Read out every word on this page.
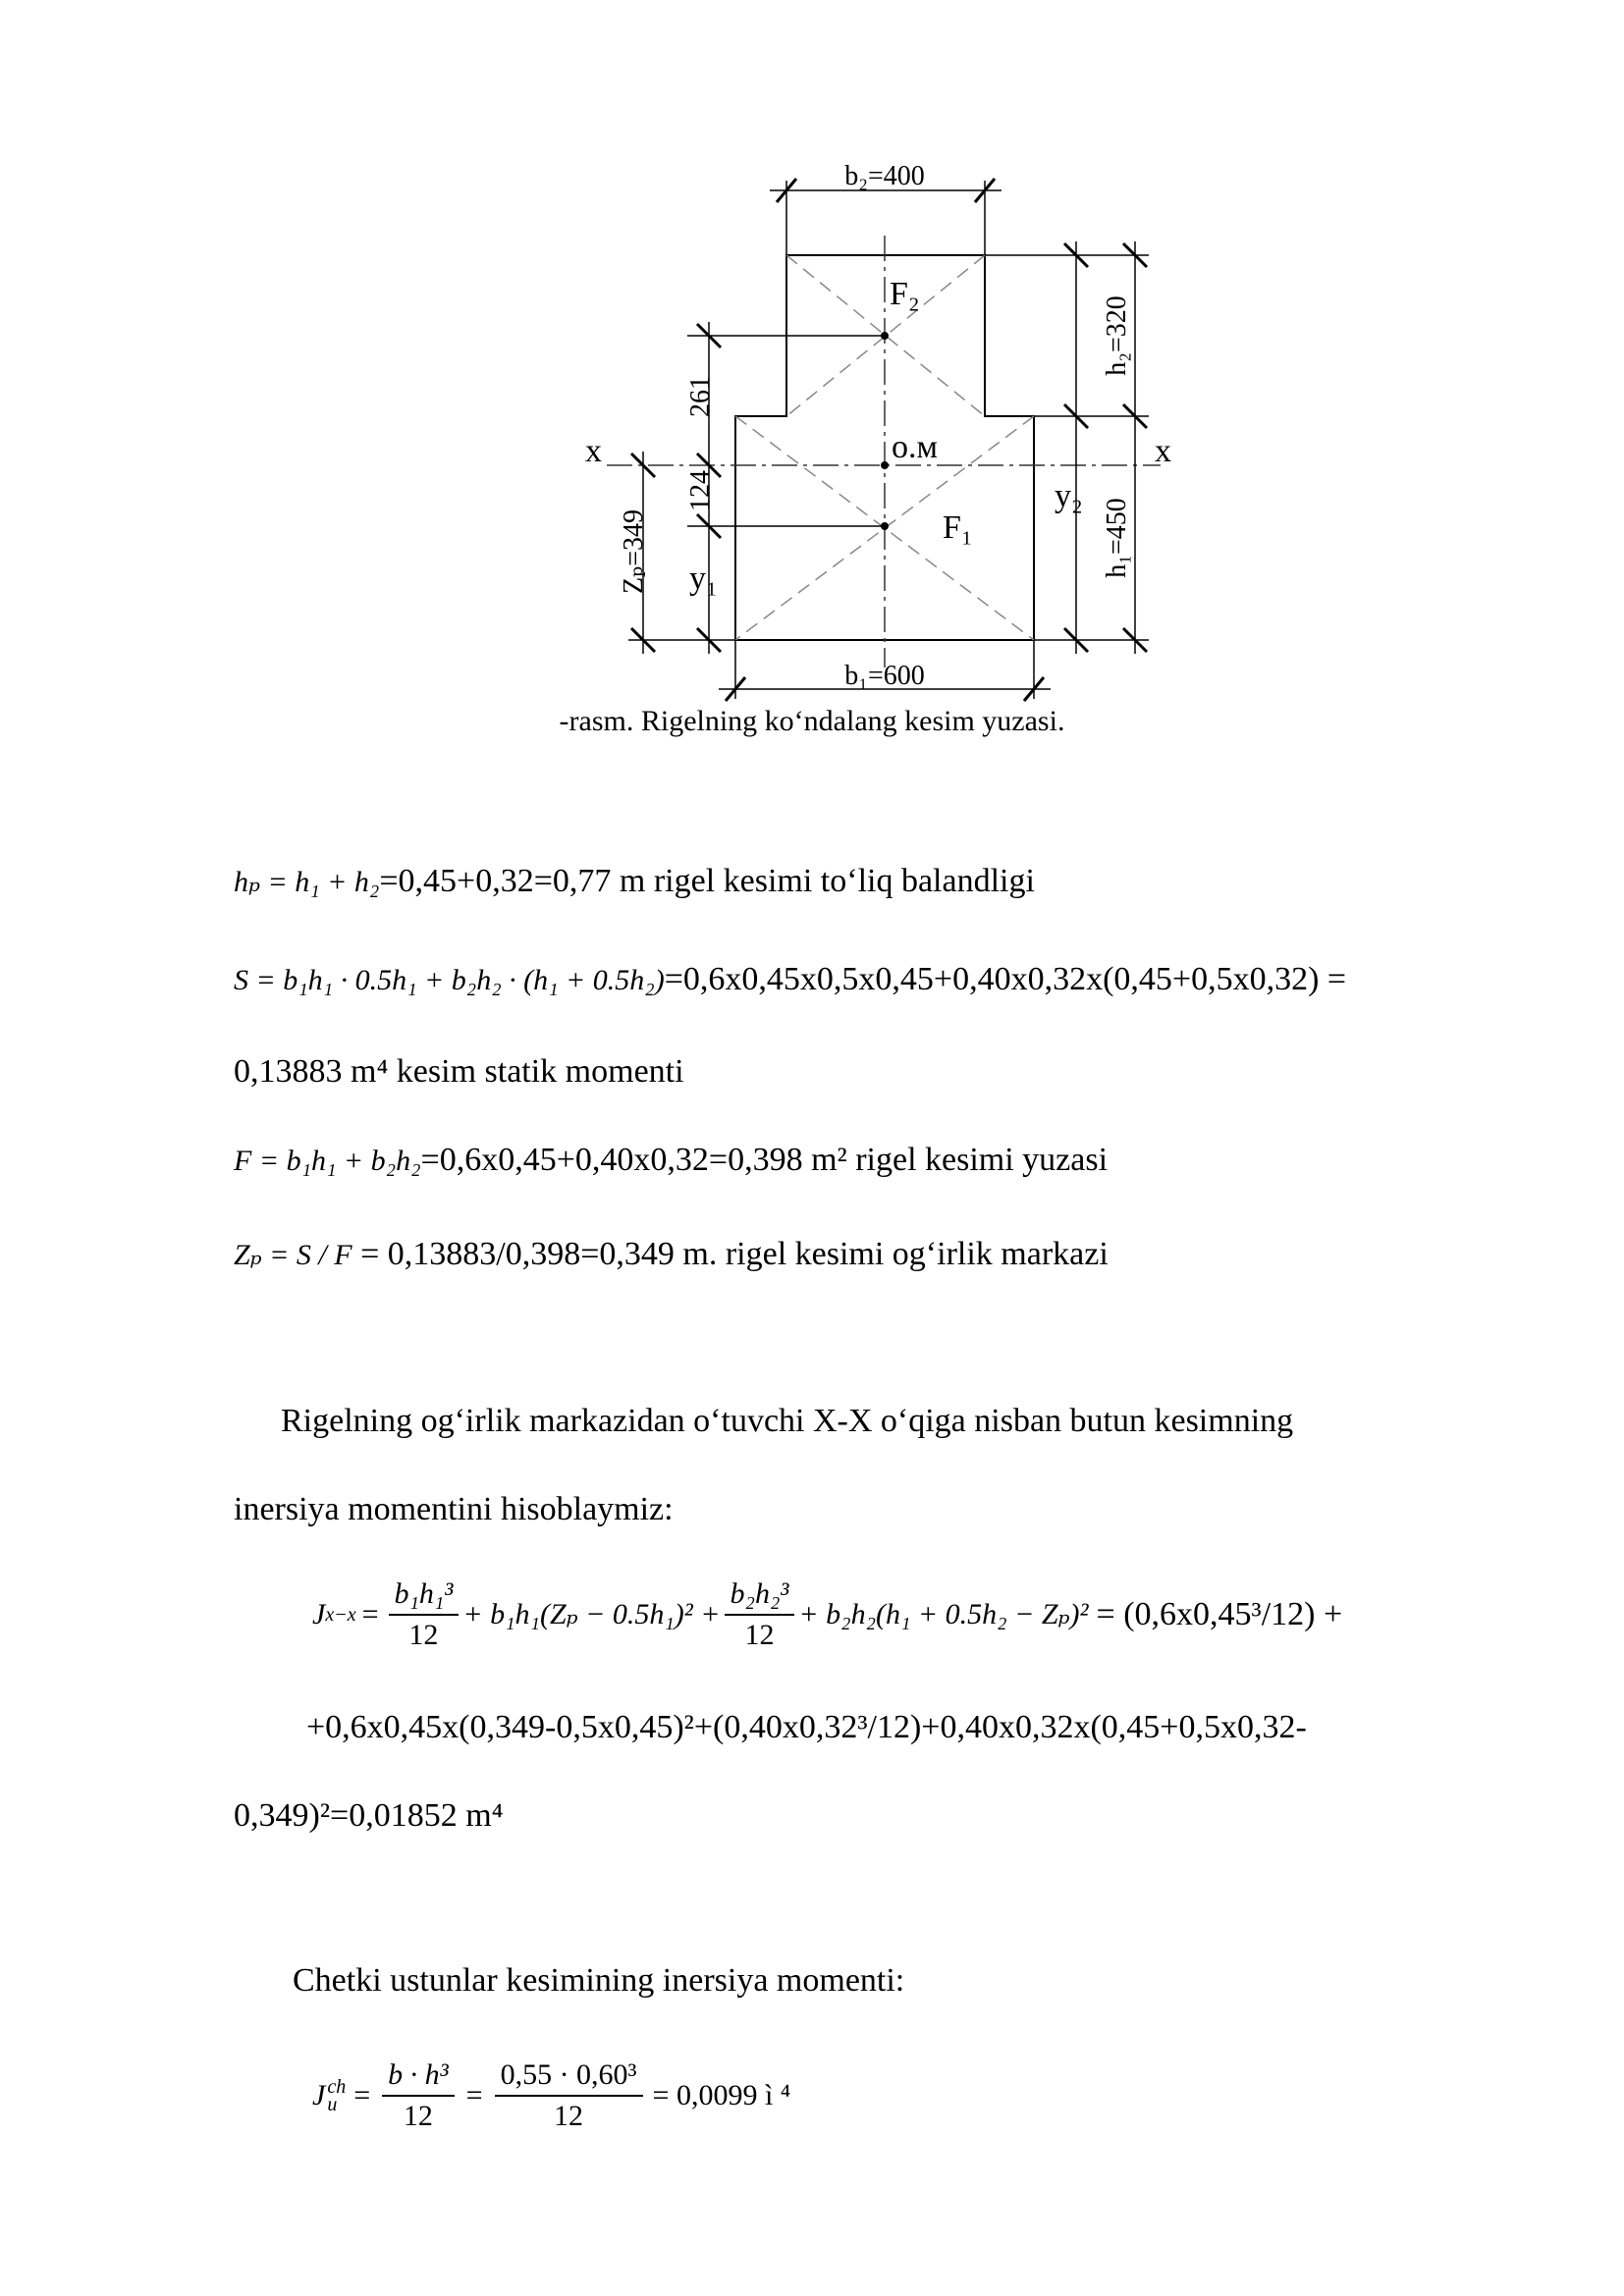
b₂=400
b₁=600
h₂=320
h₁=450
261
124
Zₚ=349
F₂
F₁
o.м
y₁
y₂
x	x
-rasm. Rigelning ko‘ndalang kesim yuzasi.
hₚ = h₁ + h₂=0,45+0,32=0,77 m rigel kesimi to‘liq balandligi
S = b₁h₁ · 0.5h₁ + b₂h₂ · (h₁ + 0.5h₂)=0,6x0,45x0,5x0,45+0,40x0,32x(0,45+0,5x0,32) =
0,13883 m⁴ kesim statik momenti
F = b₁h₁ + b₂h₂=0,6x0,45+0,40x0,32=0,398 m² rigel kesimi yuzasi
Zₚ = S / F = 0,13883/0,398=0,349 m. rigel kesimi og‘irlik markazi
Rigelning og‘irlik markazidan o‘tuvchi X-X o‘qiga nisban butun kesimning
inersiya momentini hisoblaymiz:
J $x-x = \frac{\text{b₁h₁³}}{12} + b_1h_1(Z_p - 0.5h_1)^2 + \frac{\text{b₂h₂³}}{12} + b_2h_2(h_1 + 0.5h_2 - Z_p)^2 = (0,6x0,45^3/12)$ +
+0,6x0,45x(0,349-0,5x0,45)²+(0,40x0,32³/12)+0,40x0,32x(0,45+0,5x0,32-
0,349)²=0,01852 m⁴
Chetki ustunlar kesimining inersiya momenti:
J ch
$u = \frac{\text{b · h³}}{12} = \frac{\text{0,55 · 0,60³}}{12} = 0,0099$ ì ⁴
